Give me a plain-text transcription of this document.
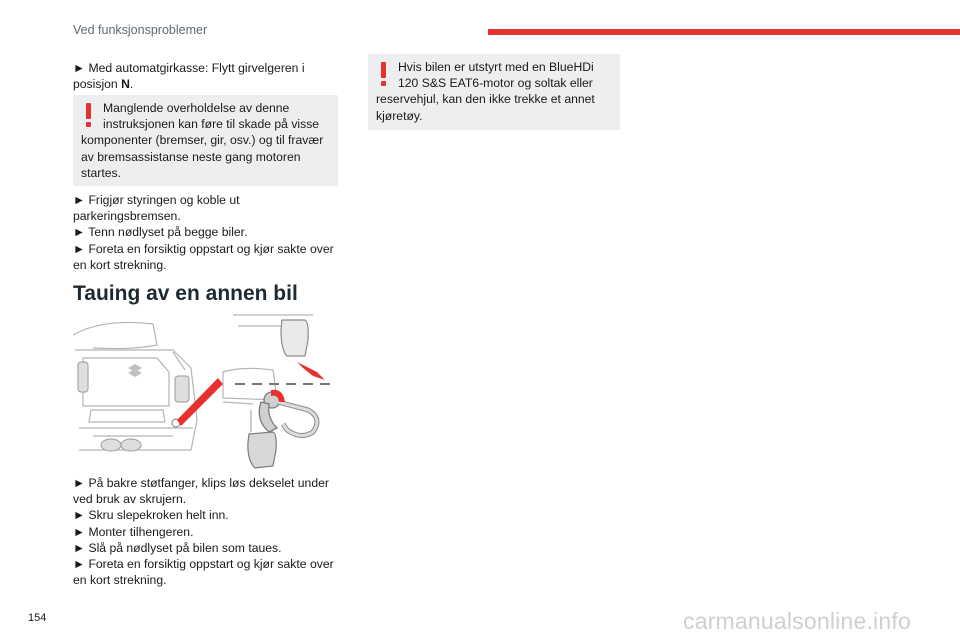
Ved funksjonsproblemer
► Med automatgirkasse: Flytt girvelgeren i posisjon N.
Manglende overholdelse av denne instruksjonen kan føre til skade på visse komponenter (bremser, gir, osv.) og til fravær av bremsassistanse neste gang motoren startes.
► Frigjør styringen og koble ut parkeringsbremsen.
► Tenn nødlyset på begge biler.
► Foreta en forsiktig oppstart og kjør sakte over en kort strekning.
Tauing av en annen bil
► På bakre støtfanger, klips løs dekselet under ved bruk av skrujern.
► Skru slepekroken helt inn.
► Monter tilhengeren.
► Slå på nødlyset på bilen som taues.
► Foreta en forsiktig oppstart og kjør sakte over en kort strekning.
Hvis bilen er utstyrt med en BlueHDi 120 S&S EAT6-motor og soltak eller reservehjul, kan den ikke trekke et annet kjøretøy.
154	carmanualsonline.info
